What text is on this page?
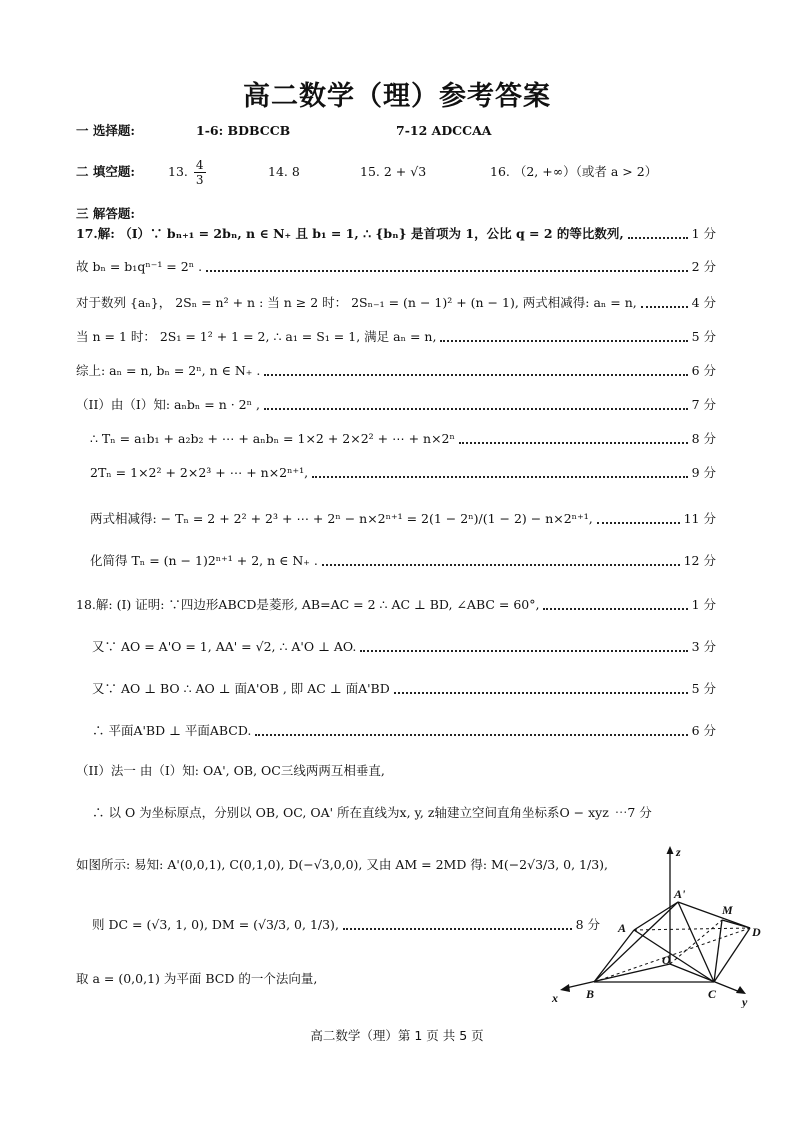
高二数学（理）参考答案
一 选择题:	1-6: BDBCCB	7-12 ADCCAA
二 填空题:	13. $\frac{4}{3}$	14. 8	15. 2 + √3	16. （2, +∞）（或者 a > 2）
三 解答题:
17.解: （I）∵ bₙ₊₁ = 2bₙ, n ∈ N₊ 且 b₁ = 1, ∴ {bₙ} 是首项为 1，公比 q = 2 的等比数列,	1 分
故 bₙ = b₁qⁿ⁻¹ = 2ⁿ .	2 分
对于数列 {aₙ}， 2Sₙ = n² + n : 当 n ≥ 2 时： 2Sₙ₋₁ = (n − 1)² + (n − 1), 两式相减得: aₙ = n,	4 分
当 n = 1 时： 2S₁ = 1² + 1 = 2, ∴ a₁ = S₁ = 1, 满足 aₙ = n,	5 分
综上: aₙ = n, bₙ = 2ⁿ, n ∈ N₊ .	6 分
（II）由（I）知: aₙbₙ = n · 2ⁿ ,	7 分
∴ Tₙ = a₁b₁ + a₂b₂ + ⋯ + aₙbₙ = 1×2 + 2×2² + ⋯ + n×2ⁿ	8 分
2Tₙ = 1×2² + 2×2³ + ⋯ + n×2ⁿ⁺¹,	9 分
两式相减得: − Tₙ = 2 + 2² + 2³ + ⋯ + 2ⁿ − n×2ⁿ⁺¹ = 2(1 − 2ⁿ)/(1 − 2) − n×2ⁿ⁺¹,	11 分
化简得 Tₙ = (n − 1)2ⁿ⁺¹ + 2, n ∈ N₊ .	12 分
18.解: (I) 证明: ∵四边形ABCD是菱形, AB=AC = 2 ∴ AC ⊥ BD, ∠ABC = 60°,	1 分
又∵ AO = A'O = 1, AA' = √2, ∴ A'O ⊥ AO.	3 分
又∵ AO ⊥ BO ∴ AO ⊥ 面A'OB , 即 AC ⊥ 面A'BD	5 分
∴ 平面A'BD ⊥ 平面ABCD.	6 分
（II）法一 由（I）知: OA', OB, OC三线两两互相垂直,
∴ 以 O 为坐标原点，分别以 OB, OC, OA' 所在直线为x, y, z轴建立空间直角坐标系O − xyz ⋯7 分
如图所示: 易知: A'(0,0,1), C(0,1,0), D(−√3,0,0), 又由 AM = 2MD 得: M(−2√3/3, 0, 1/3),
则 DC = (√3, 1, 0), DM = (√3/3, 0, 1/3),	8 分
取 a = (0,0,1) 为平面 BCD 的一个法向量,
z
A'
M
A	D
O
B	C
x	y
高二数学（理）第 1 页 共 5 页
